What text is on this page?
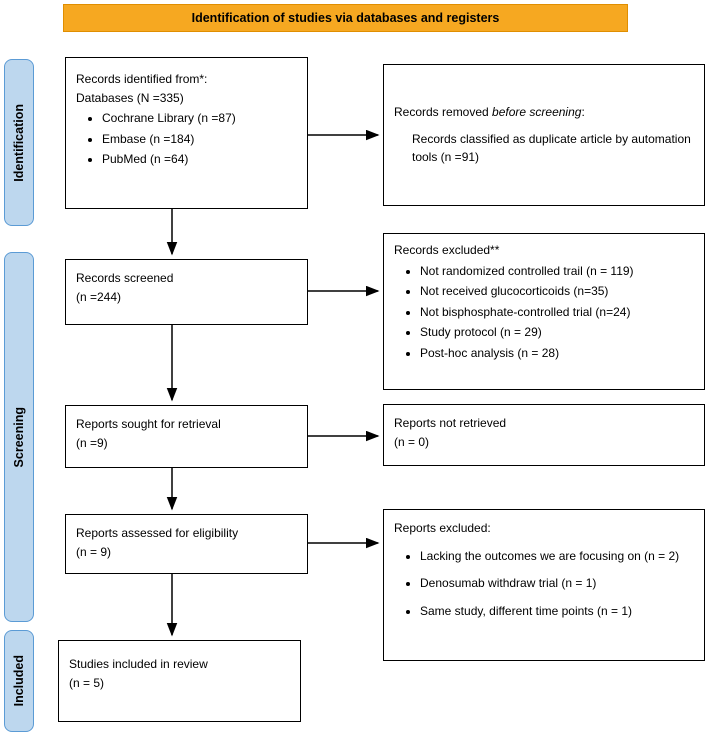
Identification of studies via databases and registers
Identification
Screening
Included
Records identified from*:
Databases (N =335)
• Cochrane Library (n =87)
• Embase (n =184)
• PubMed (n =64)
Records removed before screening:
Records classified as duplicate article by automation tools (n =91)
Records screened
(n =244)
Records excluded**
• Not randomized controlled trail (n = 119)
• Not received glucocorticoids (n=35)
• Not bisphosphate-controlled trial (n=24)
• Study protocol (n = 29)
• Post-hoc analysis (n = 28)
Reports sought for retrieval
(n =9)
Reports not retrieved
(n = 0)
Reports assessed for eligibility
(n = 9)
Reports excluded:
• Lacking the outcomes we are focusing on (n = 2)
• Denosumab withdraw trial (n = 1)
• Same study, different time points (n = 1)
Studies included in review
(n = 5)
